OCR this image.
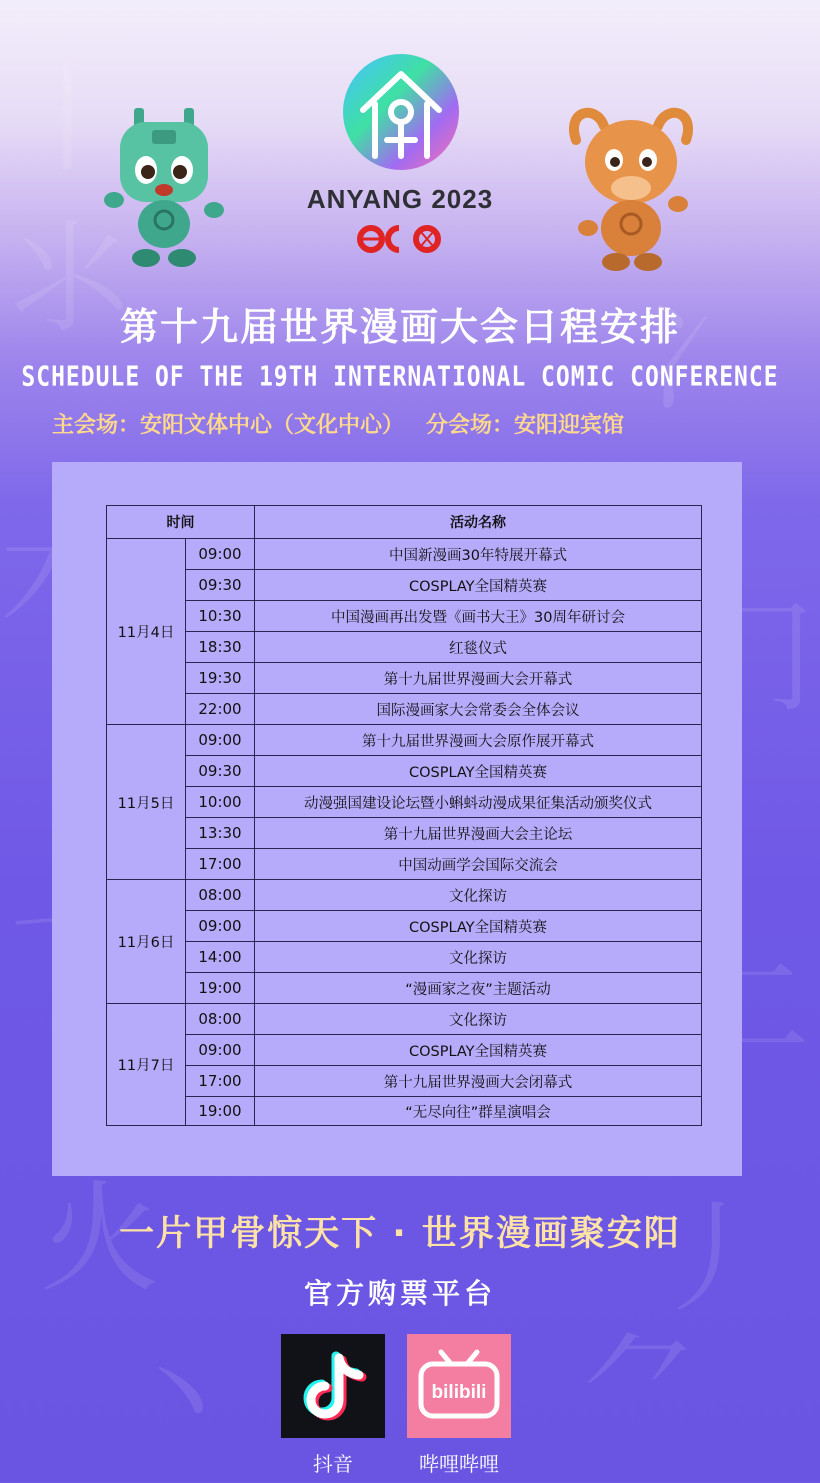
⼁
⺢
⼎
⺆
⼆
⽕	⼃
⼂	⺈
ANYANG 2023
第十九届世界漫画大会日程安排
SCHEDULE OF THE 19TH INTERNATIONAL COMIC CONFERENCE
主会场：安阳文体中心（文化中心） 分会场：安阳迎宾馆
时间		活动名称
11月4日	09:00	中国新漫画30年特展开幕式
	09:30	COSPLAY全国精英赛
	10:30	中国漫画再出发暨《画书大王》30周年研讨会
	18:30	红毯仪式
	19:30	第十九届世界漫画大会开幕式
	22:00	国际漫画家大会常委会全体会议
11月5日	09:00	第十九届世界漫画大会原作展开幕式
	09:30	COSPLAY全国精英赛
	10:00	动漫强国建设论坛暨小蝌蚪动漫成果征集活动颁奖仪式
	13:30	第十九届世界漫画大会主论坛
	17:00	中国动画学会国际交流会
11月6日	08:00	文化探访
	09:00	COSPLAY全国精英赛
	14:00	文化探访
	19:00	“漫画家之夜”主题活动
11月7日	08:00	文化探访
	09:00	COSPLAY全国精英赛
	17:00	第十九届世界漫画大会闭幕式
	19:00	“无尽向往”群星演唱会
一片甲骨惊天下 · 世界漫画聚安阳
官方购票平台
抖音
bilibili
哔哩哔哩
